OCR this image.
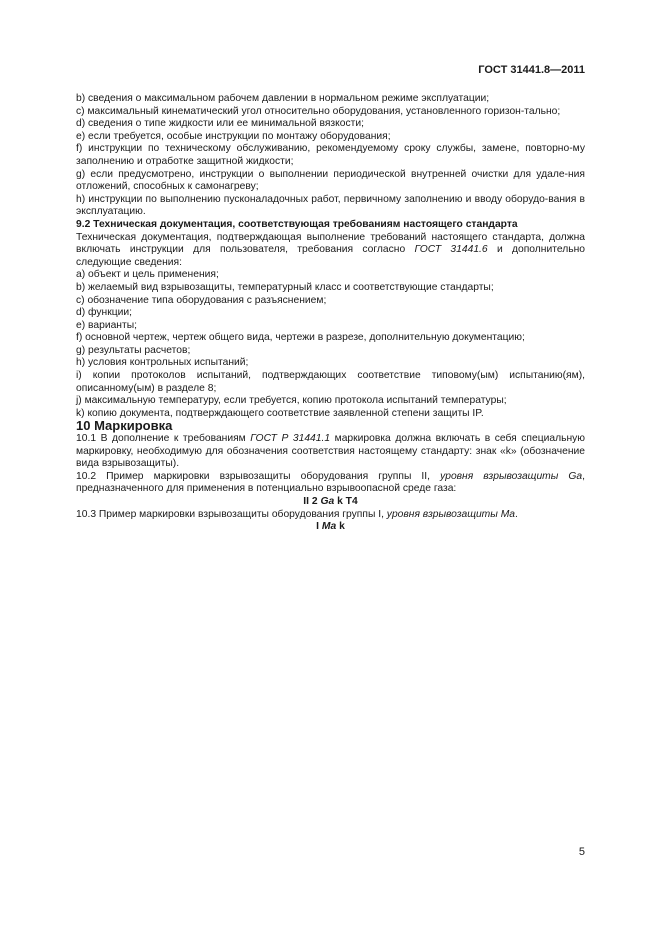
ГОСТ 31441.8—2011

b) сведения о максимальном рабочем давлении в нормальном режиме эксплуатации;

c) максимальный кинематический угол относительно оборудования, установленного горизон-тально;

d) сведения о типе жидкости или ее минимальной вязкости;

e) если требуется, особые инструкции по монтажу оборудования;

f) инструкции по техническому обслуживанию, рекомендуемому сроку службы, замене, повторно-му заполнению и отработке защитной жидкости;

g) если предусмотрено, инструкции о выполнении периодической внутренней очистки для удале-ния отложений, способных к самонагреву;

h) инструкции по выполнению пусконаладочных работ, первичному заполнению и вводу оборудо-вания в эксплуатацию.

9.2 Техническая документация, соответствующая требованиям настоящего стандарта

Техническая документация, подтверждающая выполнение требований настоящего стандарта, должна включать инструкции для пользователя, требования согласно ГОСТ 31441.6 и дополнительно следующие сведения:

a) объект и цель применения;

b) желаемый вид взрывозащиты, температурный класс и соответствующие стандарты;

c) обозначение типа оборудования с разъяснением;

d) функции;

e) варианты;

f) основной чертеж, чертеж общего вида, чертежи в разрезе, дополнительную документацию;

g) результаты расчетов;

h) условия контрольных испытаний;

i) копии протоколов испытаний, подтверждающих соответствие типовому(ым) испытанию(ям), описанному(ым) в разделе 8;

j) максимальную температуру, если требуется, копию протокола испытаний температуры;

k) копию документа, подтверждающего соответствие заявленной степени защиты IP.

10 Маркировка

10.1 В дополнение к требованиям ГОСТ Р 31441.1 маркировка должна включать в себя специальную маркировку, необходимую для обозначения соответствия настоящему стандарту: знак «k» (обозначение вида взрывозащиты).

10.2 Пример маркировки взрывозащиты оборудования группы II, уровня взрывозащиты Ga, предназначенного для применения в потенциально взрывоопасной среде газа:

II 2 Ga k T4

10.3 Пример маркировки взрывозащиты оборудования группы I, уровня взрывозащиты Ma.

I Ma k

5
